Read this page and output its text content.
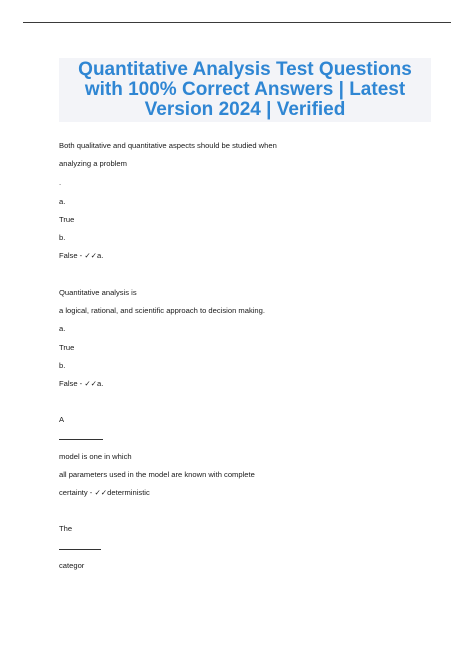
Quantitative Analysis Test Questions with 100% Correct Answers | Latest Version 2024 | Verified
Both qualitative and quantitative aspects should be studied when
analyzing a problem
.
a.
True
b.
False - ✓✓a.
Quantitative analysis is
a logical, rational, and scientific approach to decision making.
a.
True
b.
False - ✓✓a.
A
model is one in which
all parameters used in the model are known with complete
certainty - ✓✓deterministic
The
categor
